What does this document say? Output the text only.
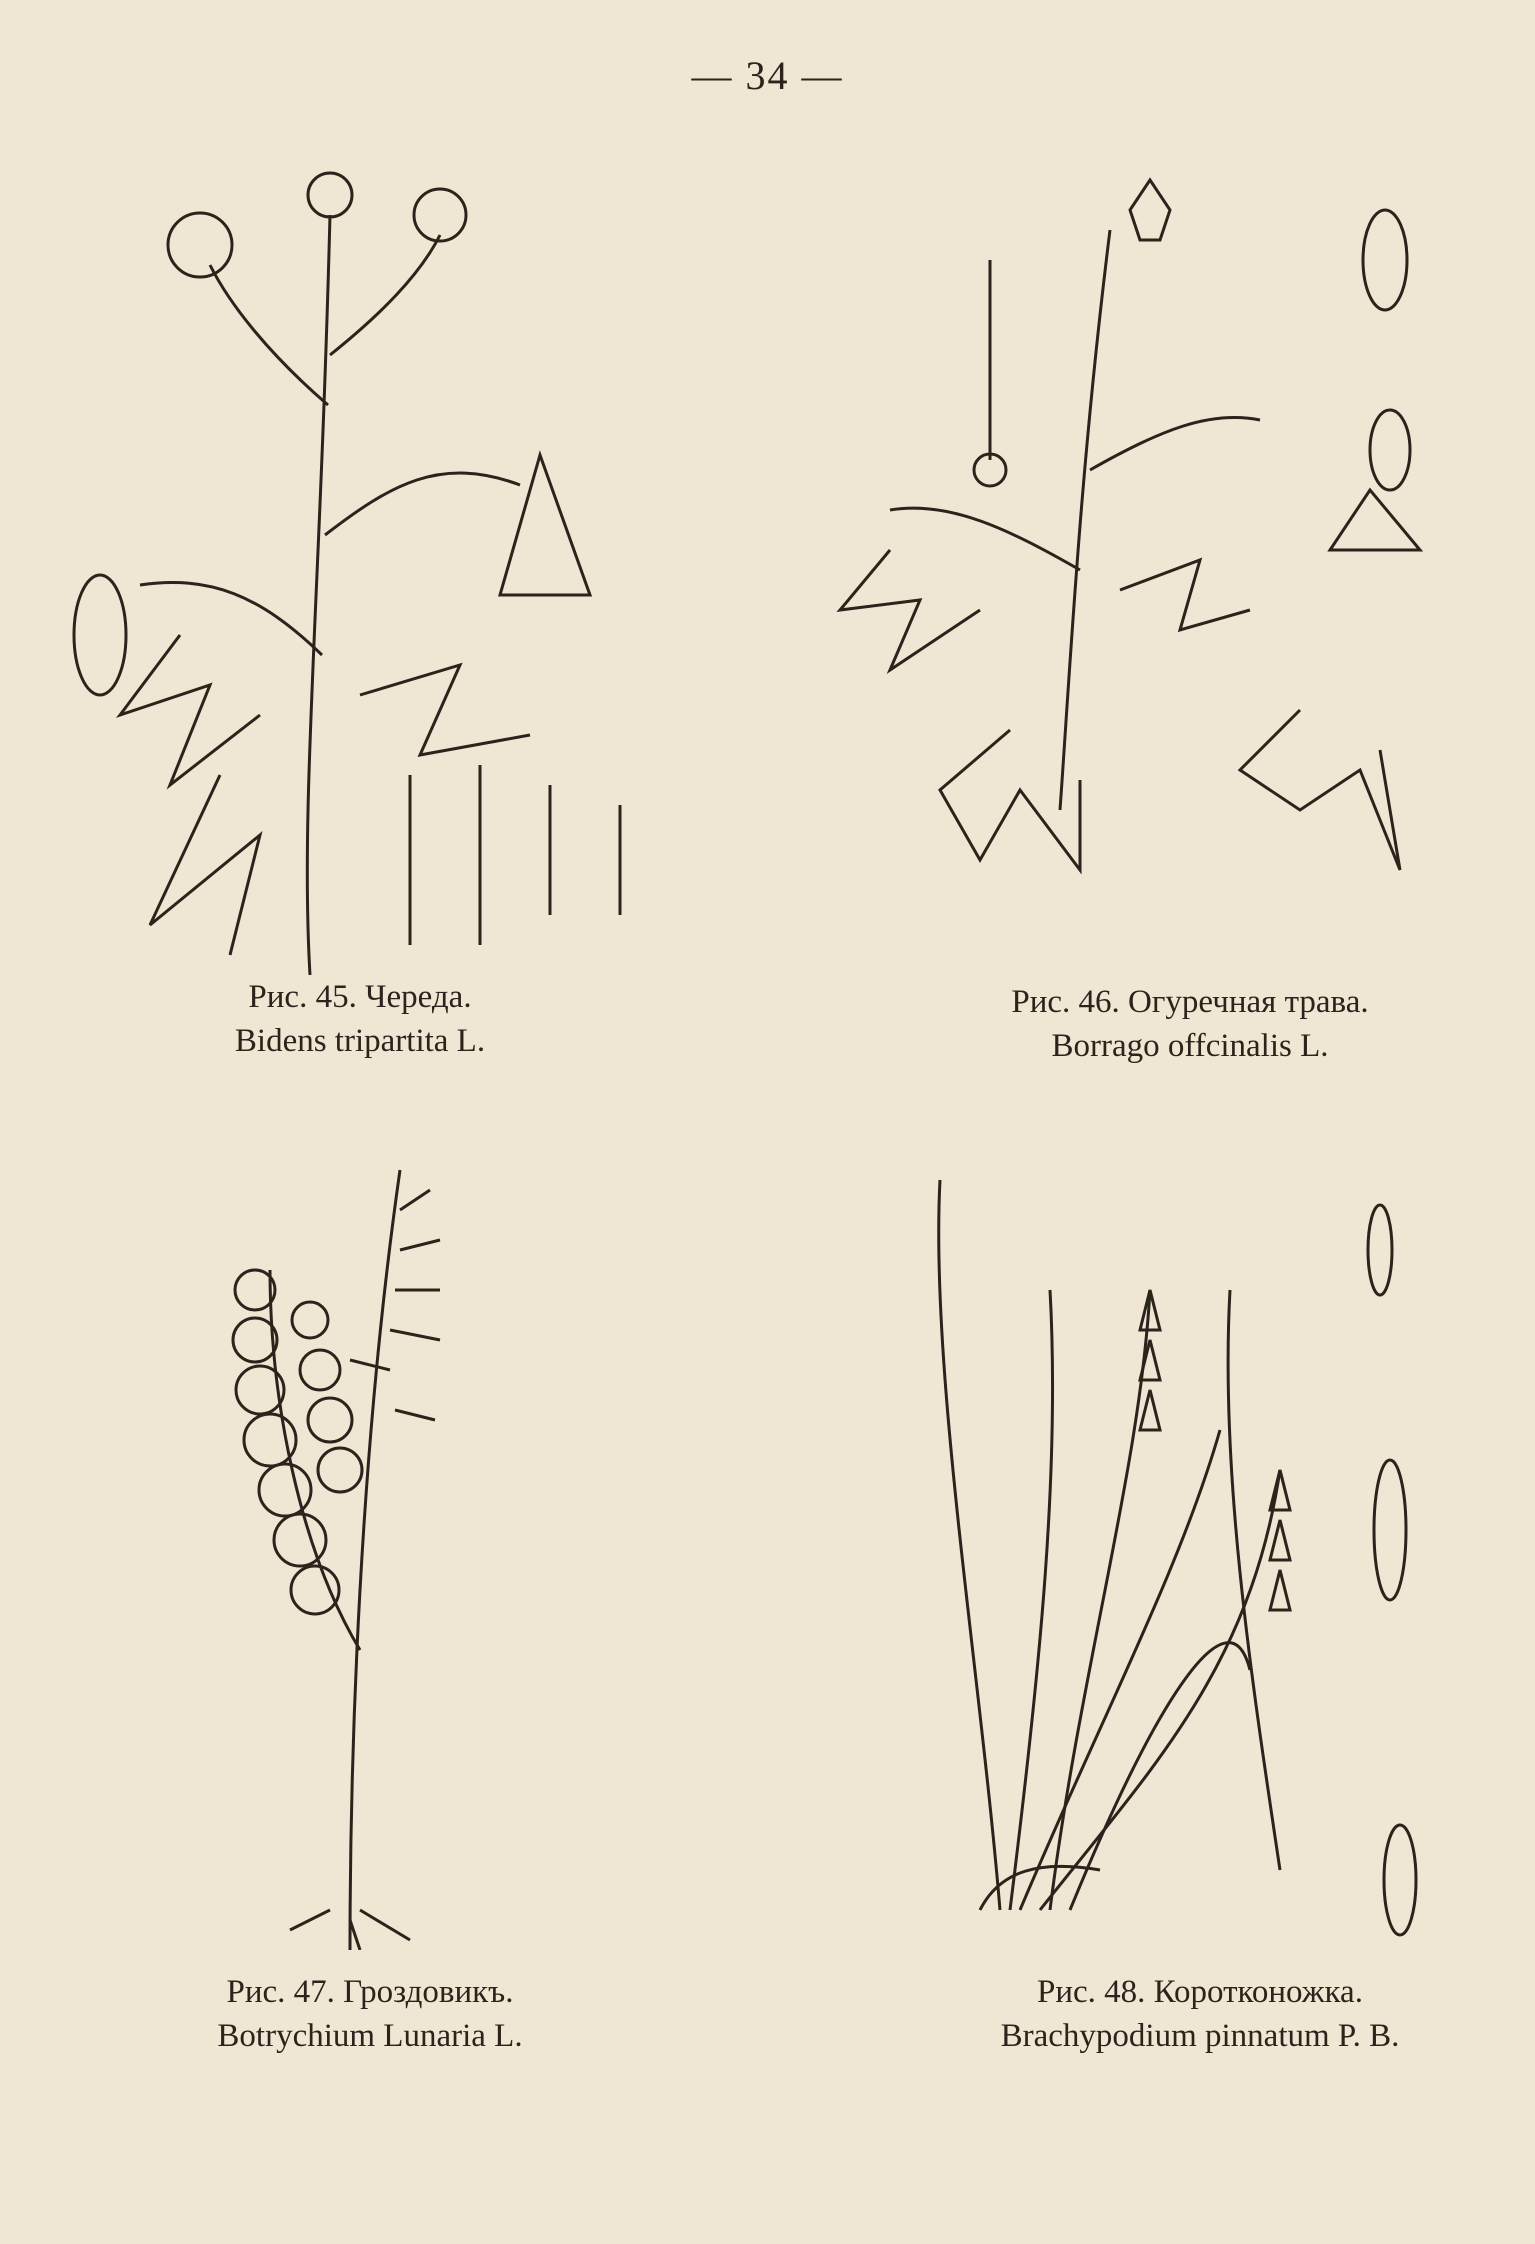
— 34 —
Рис. 45. Череда.
Bidens tripartita L.
Рис. 46. Огуречная трава.
Borrago offcinalis L.
Рис. 47. Гроздовикъ.
Botrychium Lunaria L.
Рис. 48. Коротконожка.
Brachypodium pinnatum P. B.
